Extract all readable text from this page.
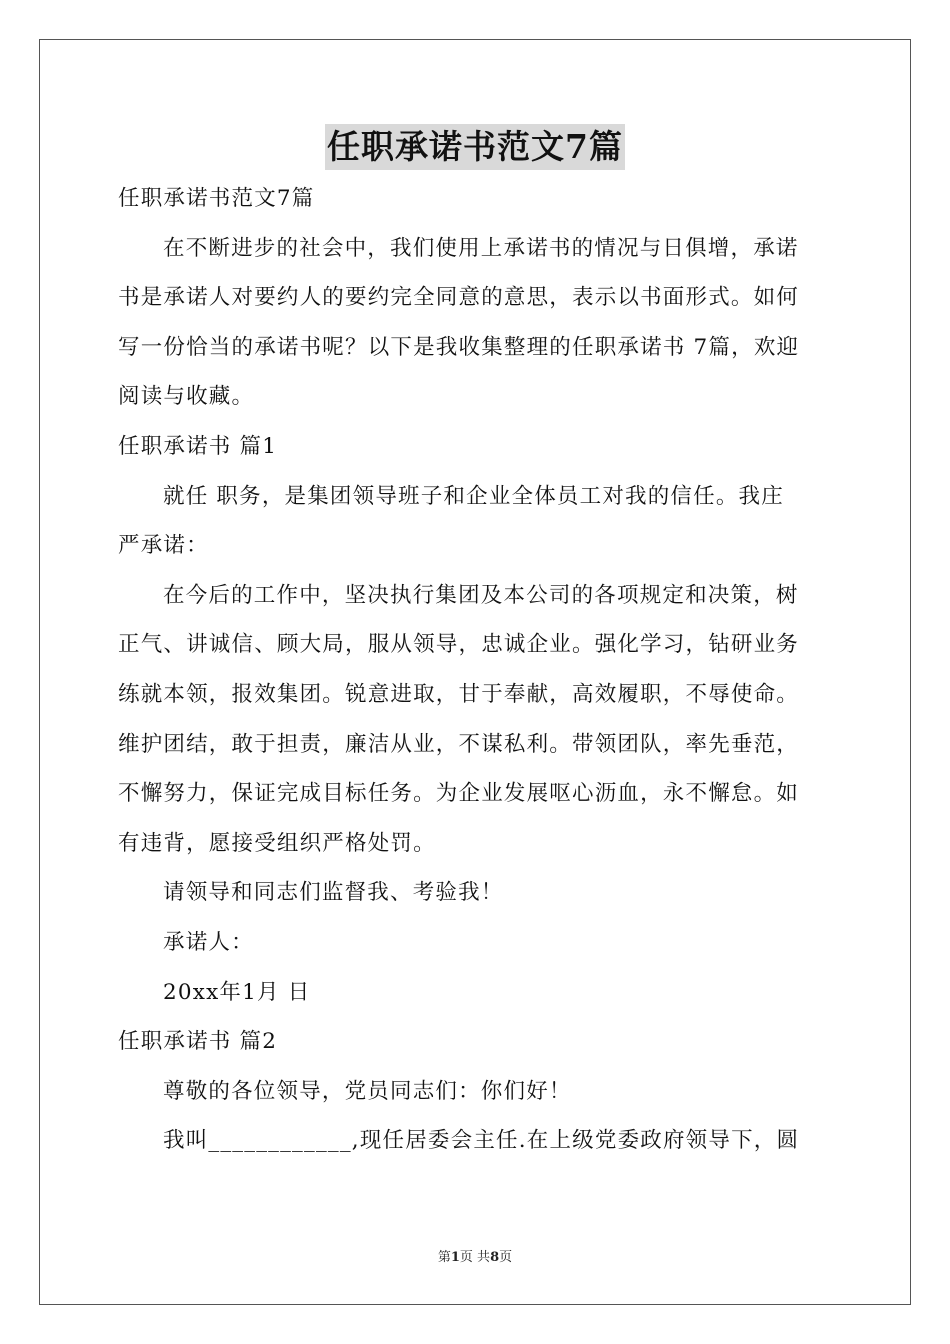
任职承诺书范文7篇
任职承诺书范文7篇
在不断进步的社会中，我们使用上承诺书的情况与日俱增，承诺
书是承诺人对要约人的要约完全同意的意思，表示以书面形式。如何
写一份恰当的承诺书呢？以下是我收集整理的任职承诺书 7篇，欢迎
阅读与收藏。
任职承诺书 篇1
就任 职务，是集团领导班子和企业全体员工对我的信任。我庄
严承诺：
在今后的工作中，坚决执行集团及本公司的各项规定和决策，树
正气、讲诚信、顾大局，服从领导，忠诚企业。强化学习，钻研业务
练就本领，报效集团。锐意进取，甘于奉献，高效履职，不辱使命。
维护团结，敢于担责，廉洁从业，不谋私利。带领团队，率先垂范，
不懈努力，保证完成目标任务。为企业发展呕心沥血，永不懈怠。如
有违背，愿接受组织严格处罚。
请领导和同志们监督我、考验我！
承诺人：
20xx年1月 日
任职承诺书 篇2
尊敬的各位领导，党员同志们：你们好！
我叫____________,现任居委会主任.在上级党委政府领导下，圆
第1页 共8页
